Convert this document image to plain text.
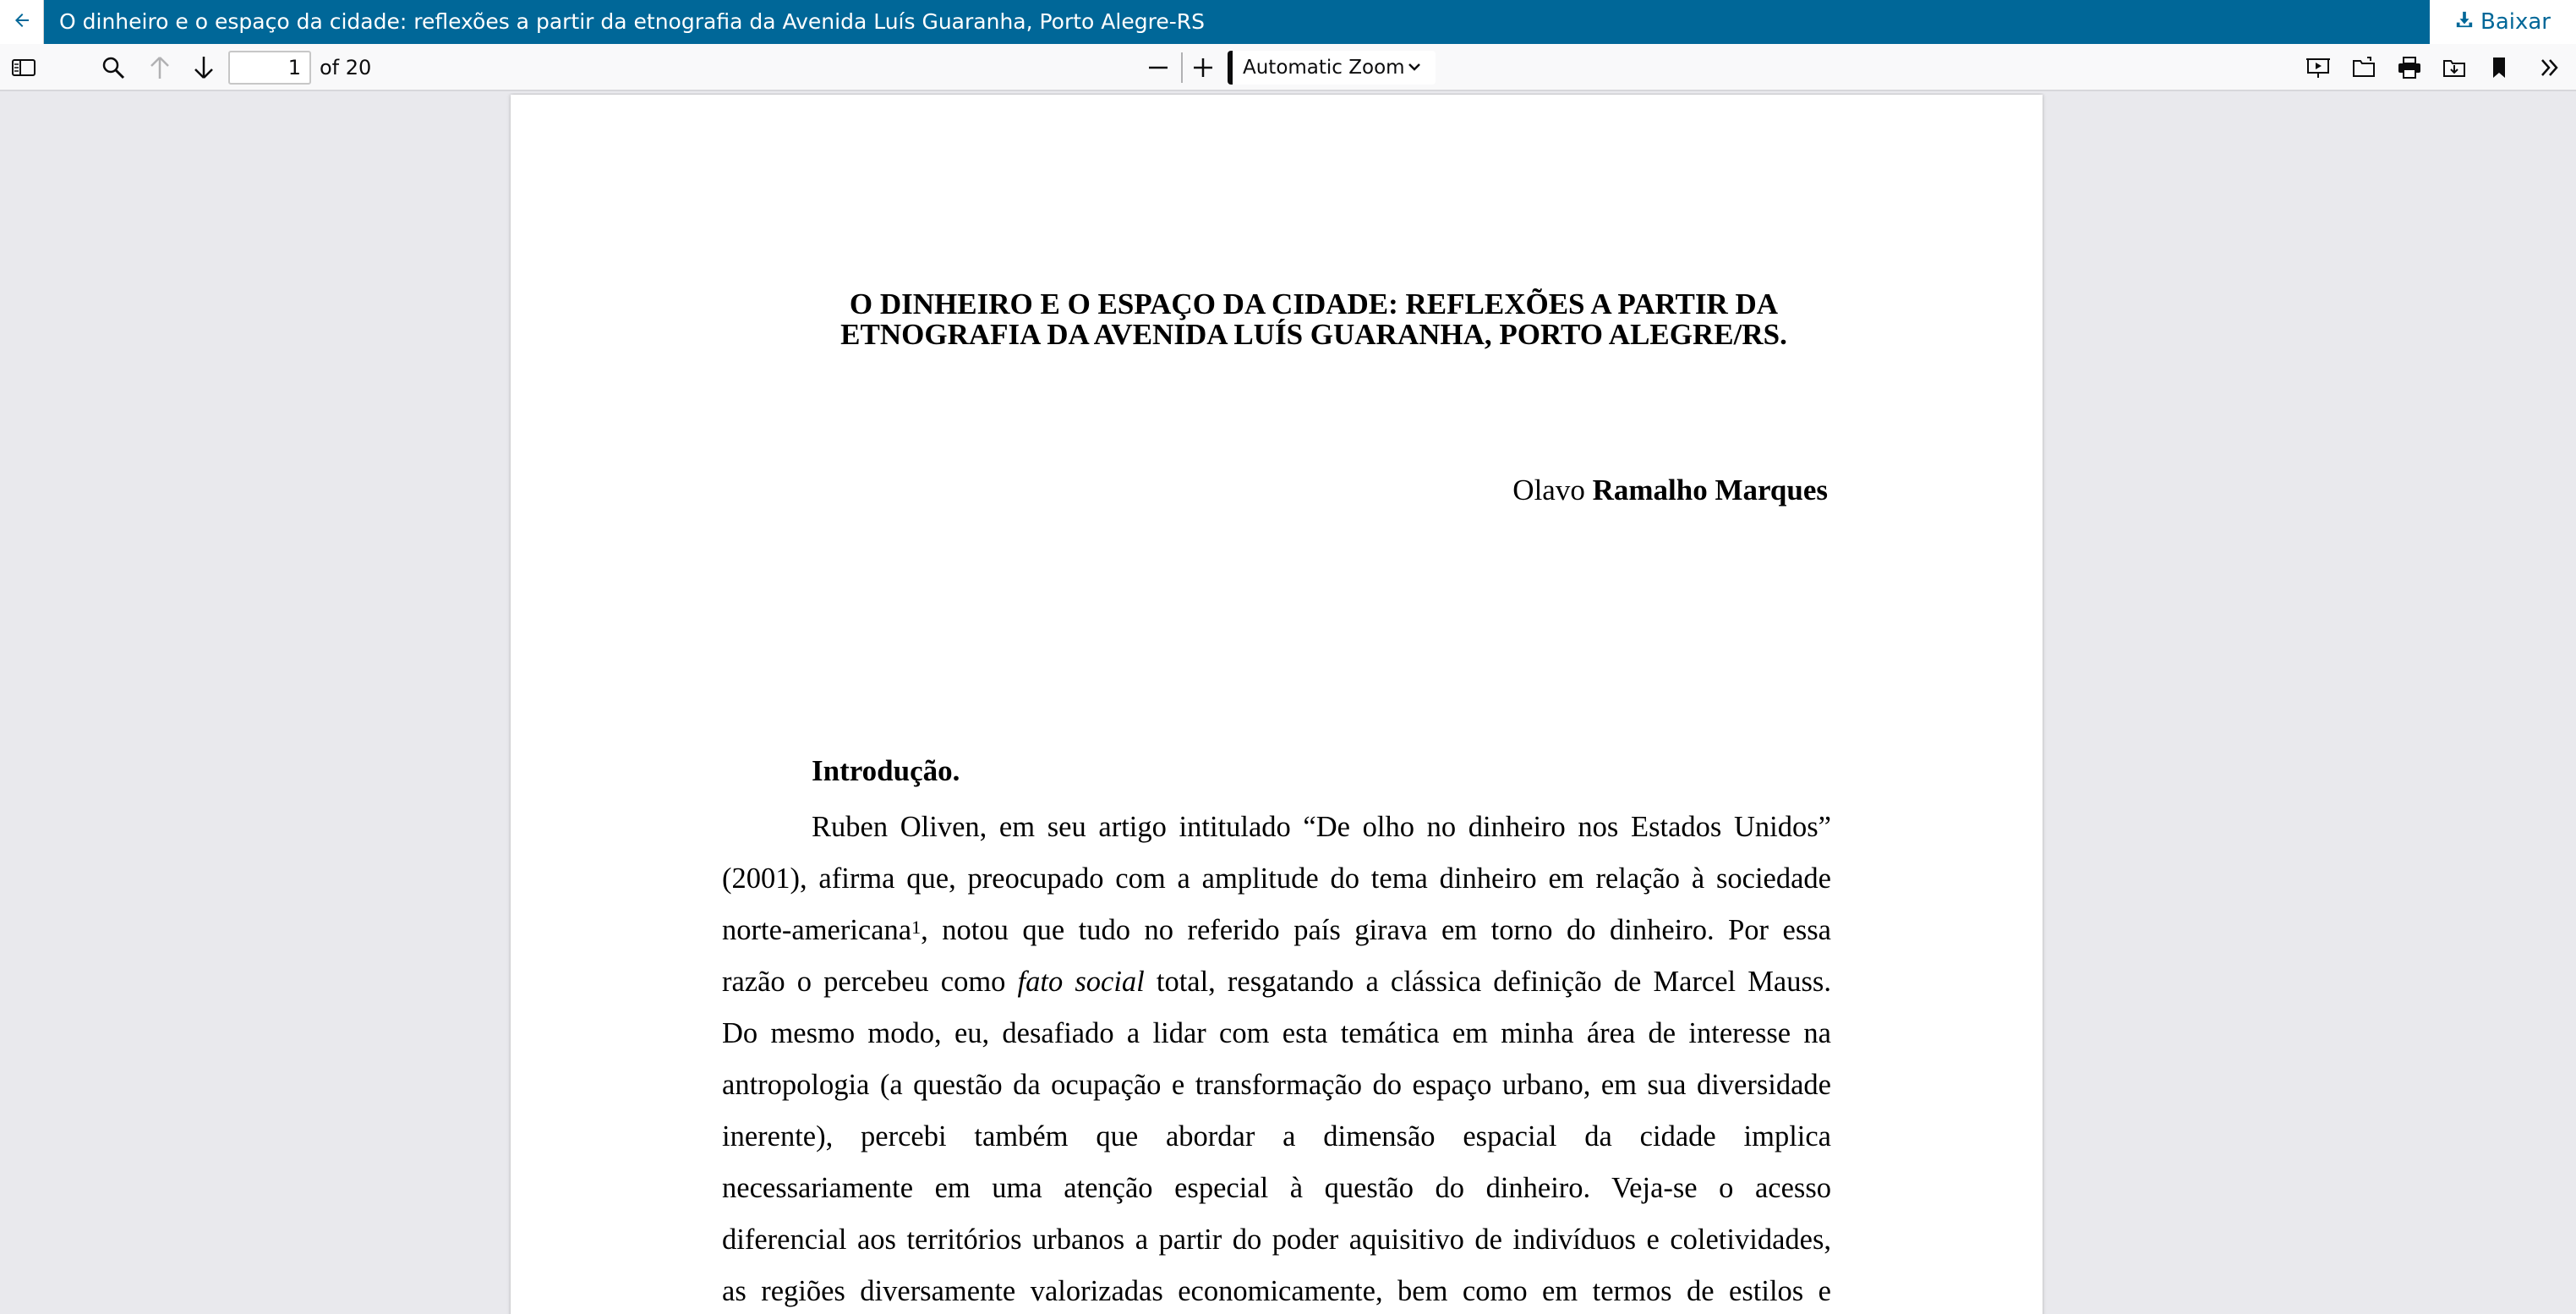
O dinheiro e o espaço da cidade: reflexões a partir da etnografia da Avenida Luís Guaranha, Porto Alegre-RS	Baixar
1 of 20	Automatic Zoom
O DINHEIRO E O ESPAÇO DA CIDADE: REFLEXÕES A PARTIR DA
ETNOGRAFIA DA AVENIDA LUÍS GUARANHA, PORTO ALEGRE/RS.
Olavo Ramalho Marques
Introdução.
Ruben Oliven, em seu artigo intitulado “De olho no dinheiro nos Estados Unidos”
(2001), afirma que, preocupado com a amplitude do tema dinheiro em relação à sociedade
norte-americana$^1$, notou que tudo no referido país girava em torno do dinheiro. Por essa
razão o percebeu como fato social total, resgatando a clássica definição de Marcel Mauss.
Do mesmo modo, eu, desafiado a lidar com esta temática em minha área de interesse na
antropologia (a questão da ocupação e transformação do espaço urbano, em sua diversidade
inerente), percebi também que abordar a dimensão espacial da cidade implica
necessariamente em uma atenção especial à questão do dinheiro. Veja-se o acesso
diferencial aos territórios urbanos a partir do poder aquisitivo de indivíduos e coletividades,
as regiões diversamente valorizadas economicamente, bem como em termos de estilos e
